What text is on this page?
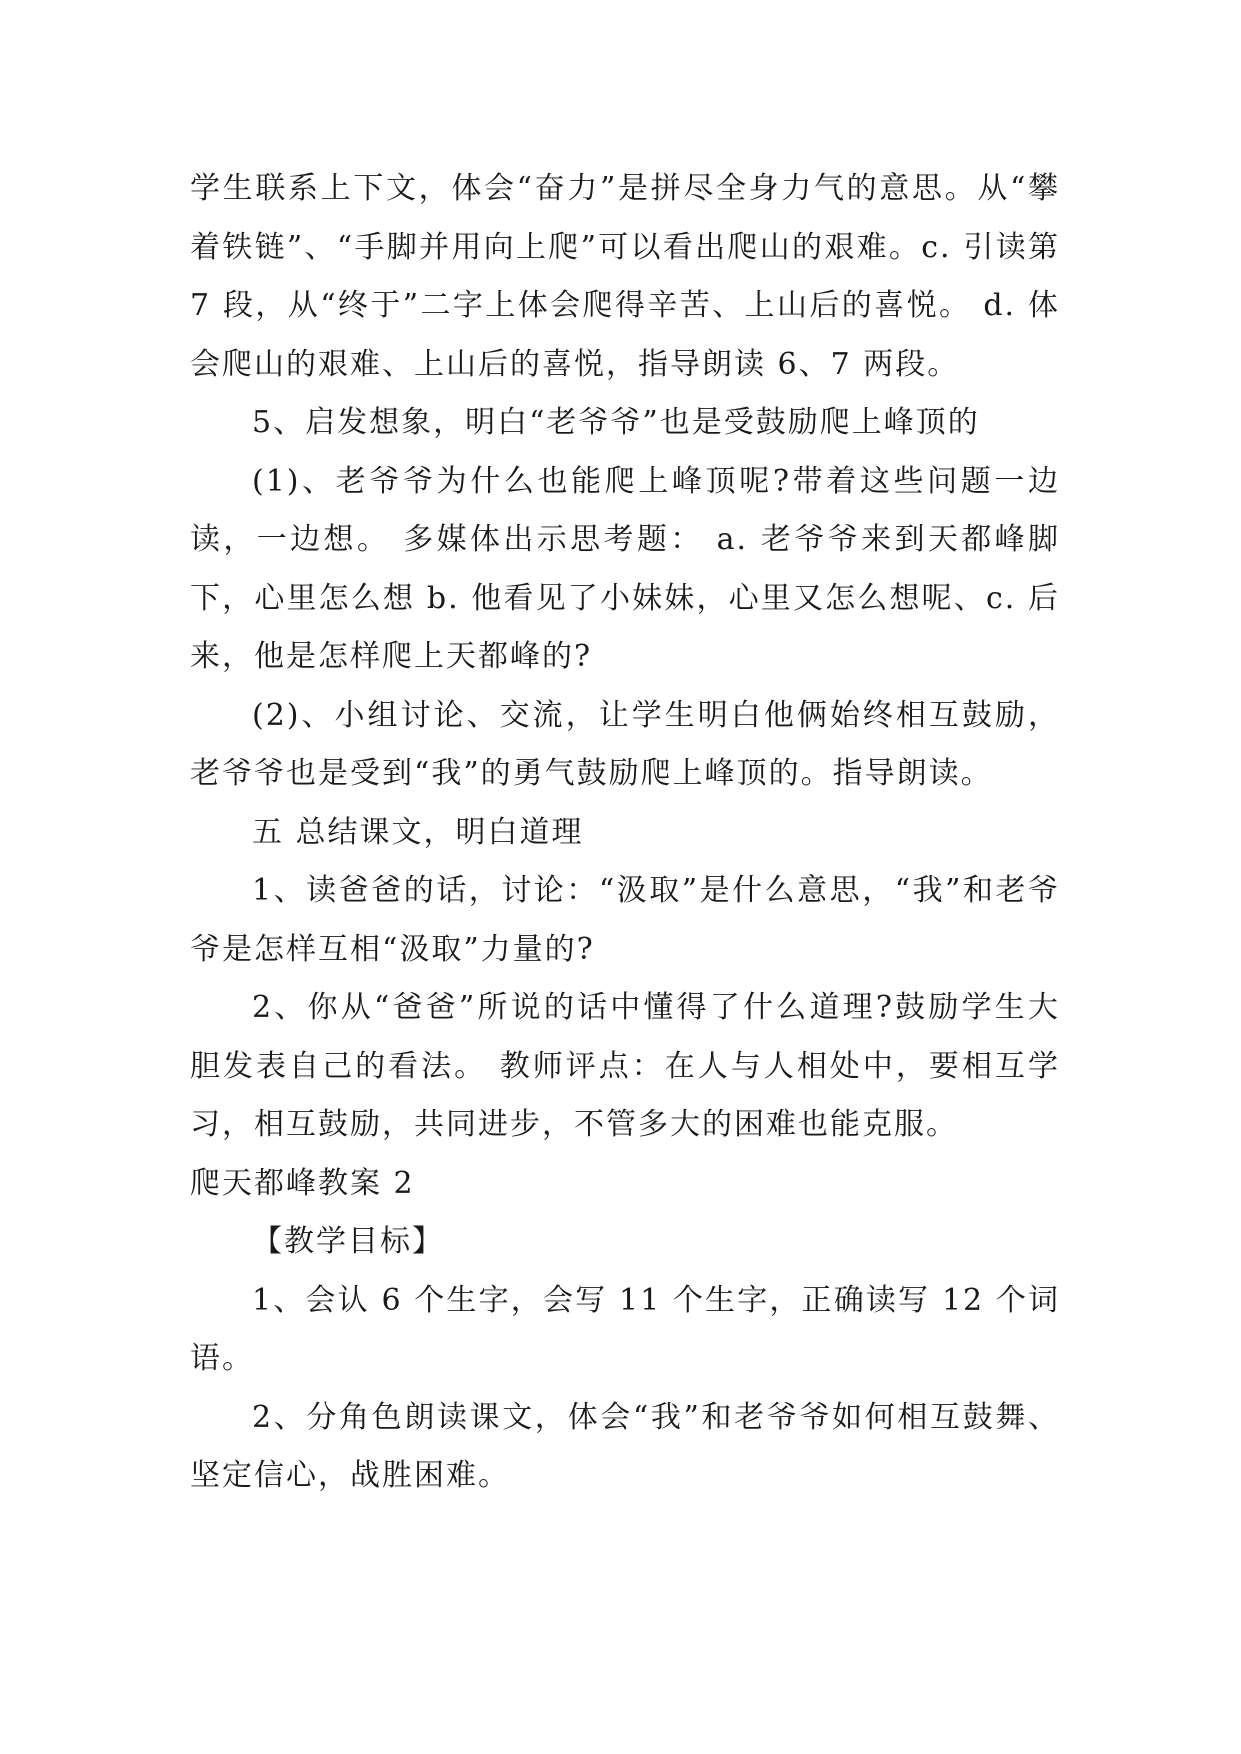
学生联系上下文，体会“奋力”是拼尽全身力气的意思。从“攀着铁链”、“手脚并用向上爬”可以看出爬山的艰难。c. 引读第 7 段，从“终于”二字上体会爬得辛苦、上山后的喜悦。 d. 体会爬山的艰难、上山后的喜悦，指导朗读 6、7 两段。

5、启发想象，明白“老爷爷”也是受鼓励爬上峰顶的

(1)、老爷爷为什么也能爬上峰顶呢?带着这些问题一边读，一边想。 多媒体出示思考题： a. 老爷爷来到天都峰脚下，心里怎么想 b. 他看见了小妹妹，心里又怎么想呢、c. 后来，他是怎样爬上天都峰的?

(2)、小组讨论、交流，让学生明白他俩始终相互鼓励，老爷爷也是受到“我”的勇气鼓励爬上峰顶的。指导朗读。

五 总结课文，明白道理

1、读爸爸的话，讨论：“汲取”是什么意思，“我”和老爷爷是怎样互相“汲取”力量的?

2、你从“爸爸”所说的话中懂得了什么道理?鼓励学生大胆发表自己的看法。 教师评点：在人与人相处中，要相互学习，相互鼓励，共同进步，不管多大的困难也能克服。

爬天都峰教案 2

【教学目标】

1、会认 6 个生字，会写 11 个生字，正确读写 12 个词语。

2、分角色朗读课文，体会“我”和老爷爷如何相互鼓舞、坚定信心，战胜困难。
